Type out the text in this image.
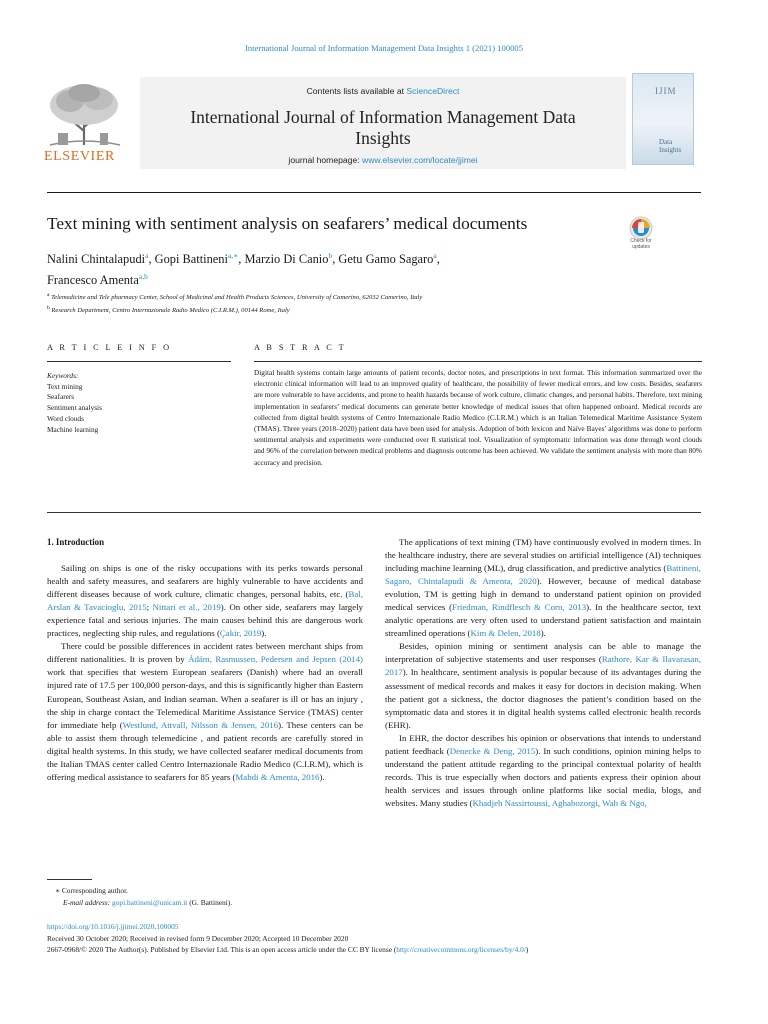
International Journal of Information Management Data Insights 1 (2021) 100005
ELSEVIER
Contents lists available at ScienceDirect
International Journal of Information Management Data
Insights
journal homepage: www.elsevier.com/locate/jjimei
IJIM
Data
Insights
Text mining with sentiment analysis on seafarers’ medical documents
Check for updates
Nalini Chintalapudi$^a$, Gopi Battineni$^{a,∗}$, Marzio Di Canio$^b$, Getu Gamo Sagaro$^a$,
Francesco Amenta$^{a,b}$
$^a$ Telemedicine and Tele pharmacy Center, School of Medicinal and Health Products Sciences, University of Camerino, 62032 Camerino, Italy
$^b$ Research Department, Centro Internazionale Radio Medico (C.I.R.M.), 00144 Rome, Italy
A R T I C L E I N F O	A B S T R A C T
Keywords:
Text mining
Seafarers
Sentiment analysis
Word clouds
Machine learning
Digital health systems contain large amounts of patient records, doctor notes, and prescriptions in text format. This information summarized over the electronic clinical information will lead to an improved quality of healthcare, the possibility of fewer medical errors, and low costs. Besides, seafarers are more vulnerable to have accidents, and prone to health hazards because of work culture, climatic changes, and personal habits. Therefore, text mining implementation in seafarers’ medical documents can generate better knowledge of medical issues that often happened onboard. Medical records are collected from digital health systems of Centro Internazionale Radio Medico (C.I.R.M.) which is an Italian Telemedical Maritime Assistance System (TMAS). Three years (2018–2020) patient data have been used for analysis. Adoption of both lexicon and Naïve Bayes’ algorithms was done to perform sentimental analysis and experiments were conducted over R statistical tool. Visualization of symptomatic information was done through word clouds and 96% of the correlation between medical problems and diagnosis outcome has been achieved. We validate the sentiment analysis with more than 80% accuracy and precision.
1. Introduction

Sailing on ships is one of the risky occupations with its perks towards personal health and safety measures, and seafarers are highly vulnerable to have accidents and different diseases because of work culture, climatic changes, personal habits, etc. (Bal, Arslan & Tavacioglu, 2015; Nittari et al., 2019). On other side, seafarers may largely experience fatal and serious injuries. The main causes behind this are dangerous work practices, neglecting ship rules, and regulations (Çakir, 2019).

There could be possible differences in accident rates between merchant ships from different nationalities. It is proven by Ádám, Rasmussen, Pedersen and Jepsen (2014) work that specifies that western European seafarers (Danish) where had an overall injured rate of 17.5 per 100,000 person-days, and this is significantly higher than Eastern European, Southeast Asian, and Indian seaman. When a seafarer is ill or has an injury , the ship in charge contact the Telemedical Maritime Assistance Service (TMAS) center for immediate help (Westlund, Attvall, Nilsson & Jensen, 2016). These centers can be able to assist them through telemedicine , and patient records are carefully stored in digital health systems. In this study, we have collected seafarer medical documents from the Italian TMAS center called Centro Internazionale Radio Medico (C.I.R.M), which is offering medical assistance to seafarers for 85 years (Mahdi & Amenta, 2016).

The applications of text mining (TM) have continuously evolved in modern times. In the healthcare industry, there are several studies on artificial intelligence (AI) techniques including machine learning (ML), drug classification, and predictive analytics (Battineni, Sagaro, Chintalapudi & Amenta, 2020). However, because of medical database evolution, TM is getting high in demand to understand patient opinion on provided medical services (Friedman, Rindflesch & Corn, 2013). In the healthcare sector, text analytic operations are very often used to understand patient satisfaction and maintain streamlined operations (Kim & Delen, 2018).

Besides, opinion mining or sentiment analysis can be able to manage the interpretation of subjective statements and user responses (Rathore, Kar & Ilavarasan, 2017). In healthcare, sentiment analysis is popular because of its advantages during the assessment of medical records and makes it easy for doctors in decision making. When the patient got a sickness, the doctor diagnoses the patient’s condition based on the symptomatic data and stores it in digital health systems called electronic health records (EHR).

In EHR, the doctor describes his opinion or observations that intends to understand patient feedback (Denecke & Deng, 2015). In such conditions, opinion mining helps to understand the patient attitude regarding to the principal contextual polarity of health records. This is true especially when doctors and patients express their opinion about health services and issues through online platforms like social media, blogs, and websites. Many studies (Khadjeh Nassirtoussi, Aghabozorgi, Wah & Ngo,

∗ Corresponding author.
E-mail address: gopi.battineni@unicam.it (G. Battineni).
https://doi.org/10.1016/j.jjimei.2020.100005
Received 30 October 2020; Received in revised form 9 December 2020; Accepted 10 December 2020
2667-0968/© 2020 The Author(s). Published by Elsevier Ltd. This is an open access article under the CC BY license (http://creativecommons.org/licenses/by/4.0/)
